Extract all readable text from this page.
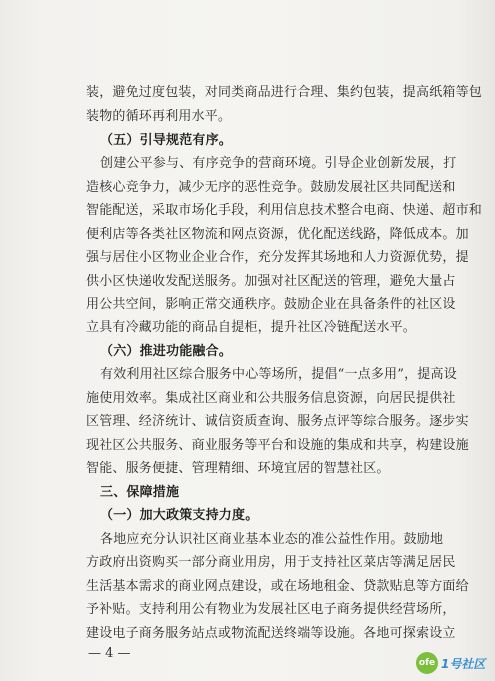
装，避免过度包装，对同类商品进行合理、集约包装，提高纸箱等包
装物的循环再利用水平。
（五）引导规范有序。
创建公平参与、有序竞争的营商环境。引导企业创新发展，打
造核心竞争力，减少无序的恶性竞争。鼓励发展社区共同配送和
智能配送，采取市场化手段，利用信息技术整合电商、快递、超市和
便利店等各类社区物流和网点资源，优化配送线路，降低成本。加
强与居住小区物业企业合作，充分发挥其场地和人力资源优势，提
供小区快递收发配送服务。加强对社区配送的管理，避免大量占
用公共空间，影响正常交通秩序。鼓励企业在具备条件的社区设
立具有冷藏功能的商品自提柜，提升社区冷链配送水平。
（六）推进功能融合。
有效利用社区综合服务中心等场所，提倡“一点多用”，提高设
施使用效率。集成社区商业和公共服务信息资源，向居民提供社
区管理、经济统计、诚信资质查询、服务点评等综合服务。逐步实
现社区公共服务、商业服务等平台和设施的集成和共享，构建设施
智能、服务便捷、管理精细、环境宜居的智慧社区。
三、保障措施
（一）加大政策支持力度。
各地应充分认识社区商业基本业态的准公益性作用。鼓励地
方政府出资购买一部分商业用房，用于支持社区菜店等满足居民
生活基本需求的商业网点建设，或在场地租金、贷款贴息等方面给
予补贴。支持利用公有物业为发展社区电子商务提供经营场所，
建设电子商务服务站点或物流配送终端等设施。各地可探索设立
— 4 —
ofe 1号社区
